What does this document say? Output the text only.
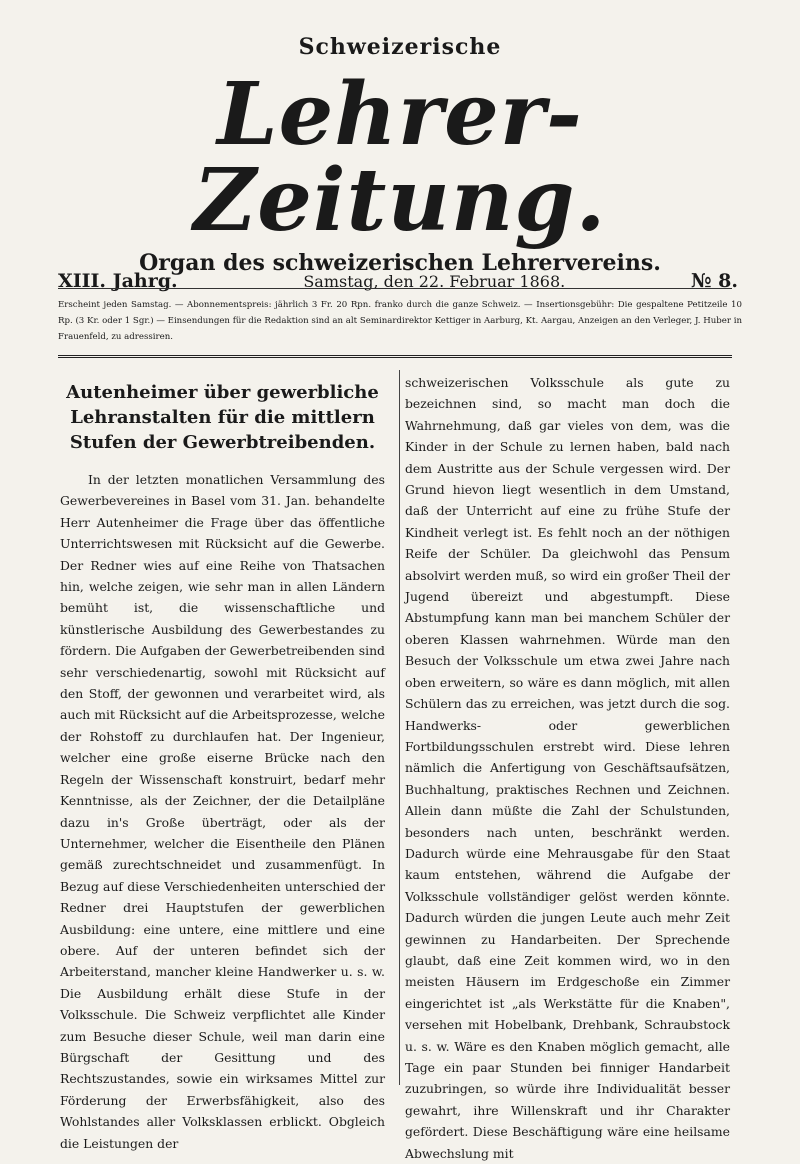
Schweizerische
Lehrer-Zeitung.
Organ des schweizerischen Lehrervereins.
XIII. Jahrg.	Samstag, den 22. Februar 1868.	№ 8.
Erscheint jeden Samstag. — Abonnementspreis: jährlich 3 Fr. 20 Rpn. franko durch die ganze Schweiz. — Insertionsgebühr: Die gespaltene Petitzeile 10 Rp. (3 Kr. oder 1 Sgr.) — Einsendungen für die Redaktion sind an alt Seminardirektor Kettiger in Aarburg, Kt. Aargau, Anzeigen an den Verleger, J. Huber in Frauenfeld, zu adressiren.
Autenheimer über gewerbliche Lehranstalten für die mittlern Stufen der Gewerbtreibenden.

In der letzten monatlichen Versammlung des Gewerbevereines in Basel vom 31. Jan. behandelte Herr Autenheimer die Frage über das öffentliche Unterrichtswesen mit Rücksicht auf die Gewerbe. Der Redner wies auf eine Reihe von Thatsachen hin, welche zeigen, wie sehr man in allen Ländern bemüht ist, die wissenschaftliche und künstlerische Ausbildung des Gewerbestandes zu fördern. Die Aufgaben der Gewerbetreibenden sind sehr verschiedenartig, sowohl mit Rücksicht auf den Stoff, der gewonnen und verarbeitet wird, als auch mit Rücksicht auf die Arbeitsprozesse, welche der Rohstoff zu durchlaufen hat. Der Ingenieur, welcher eine große eiserne Brücke nach den Regeln der Wissenschaft konstruirt, bedarf mehr Kenntnisse, als der Zeichner, der die Detailpläne dazu in's Große überträgt, oder als der Unternehmer, welcher die Eisentheile den Plänen gemäß zurechtschneidet und zusammenfügt. In Bezug auf diese Verschiedenheiten unterschied der Redner drei Hauptstufen der gewerblichen Ausbildung: eine untere, eine mittlere und eine obere. Auf der unteren befindet sich der Arbeiterstand, mancher kleine Handwerker u. s. w. Die Ausbildung erhält diese Stufe in der Volksschule. Die Schweiz verpflichtet alle Kinder zum Besuche dieser Schule, weil man darin eine Bürgschaft der Gesittung und des Rechtszustandes, sowie ein wirksames Mittel zur Förderung der Erwerbsfähigkeit, also des Wohlstandes aller Volksklassen erblickt. Obgleich die Leistungen der

schweizerischen Volksschule als gute zu bezeichnen sind, so macht man doch die Wahrnehmung, daß gar vieles von dem, was die Kinder in der Schule zu lernen haben, bald nach dem Austritte aus der Schule vergessen wird. Der Grund hievon liegt wesentlich in dem Umstand, daß der Unterricht auf eine zu frühe Stufe der Kindheit verlegt ist. Es fehlt noch an der nöthigen Reife der Schüler. Da gleichwohl das Pensum absolvirt werden muß, so wird ein großer Theil der Jugend übereizt und abgestumpft. Diese Abstumpfung kann man bei manchem Schüler der oberen Klassen wahrnehmen. Würde man den Besuch der Volksschule um etwa zwei Jahre nach oben erweitern, so wäre es dann möglich, mit allen Schülern das zu erreichen, was jetzt durch die sog. Handwerks- oder gewerblichen Fortbildungsschulen erstrebt wird. Diese lehren nämlich die Anfertigung von Geschäftsaufsätzen, Buchhaltung, praktisches Rechnen und Zeichnen. Allein dann müßte die Zahl der Schulstunden, besonders nach unten, beschränkt werden. Dadurch würde eine Mehrausgabe für den Staat kaum entstehen, während die Aufgabe der Volksschule vollständiger gelöst werden könnte. Dadurch würden die jungen Leute auch mehr Zeit gewinnen zu Handarbeiten. Der Sprechende glaubt, daß eine Zeit kommen wird, wo in den meisten Häusern im Erdgeschoße ein Zimmer eingerichtet ist „als Werkstätte für die Knaben", versehen mit Hobelbank, Drehbank, Schraubstock u. s. w. Wäre es den Knaben möglich gemacht, alle Tage ein paar Stunden bei finniger Handarbeit zuzubringen, so würde ihre Individualität besser gewahrt, ihre Willenskraft und ihr Charakter gefördert. Diese Beschäftigung wäre eine heilsame Abwechslung mit
